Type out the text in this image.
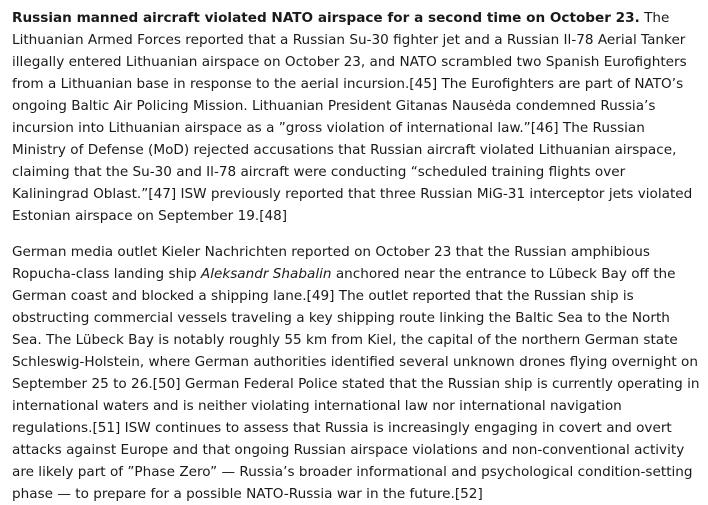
Russian manned aircraft violated NATO airspace for a second time on October 23. The Lithuanian Armed Forces reported that a Russian Su-30 fighter jet and a Russian Il-78 Aerial Tanker illegally entered Lithuanian airspace on October 23, and NATO scrambled two Spanish Eurofighters from a Lithuanian base in response to the aerial incursion.[45] The Eurofighters are part of NATO’s ongoing Baltic Air Policing Mission. Lithuanian President Gitanas Nausėda condemned Russia’s incursion into Lithuanian airspace as a ”gross violation of international law.”[46] The Russian Ministry of Defense (MoD) rejected accusations that Russian aircraft violated Lithuanian airspace, claiming that the Su-30 and Il-78 aircraft were conducting “scheduled training flights over Kaliningrad Oblast.”[47] ISW previously reported that three Russian MiG-31 interceptor jets violated Estonian airspace on September 19.[48]

German media outlet Kieler Nachrichten reported on October 23 that the Russian amphibious Ropucha-class landing ship Aleksandr Shabalin anchored near the entrance to Lübeck Bay off the German coast and blocked a shipping lane.[49] The outlet reported that the Russian ship is obstructing commercial vessels traveling a key shipping route linking the Baltic Sea to the North Sea. The Lübeck Bay is notably roughly 55 km from Kiel, the capital of the northern German state Schleswig-Holstein, where German authorities identified several unknown drones flying overnight on September 25 to 26.[50] German Federal Police stated that the Russian ship is currently operating in international waters and is neither violating international law nor international navigation regulations.[51] ISW continues to assess that Russia is increasingly engaging in covert and overt attacks against Europe and that ongoing Russian airspace violations and non-conventional activity are likely part of ”Phase Zero” — Russia’s broader informational and psychological condition-setting phase — to prepare for a possible NATO-Russia war in the future.[52]
